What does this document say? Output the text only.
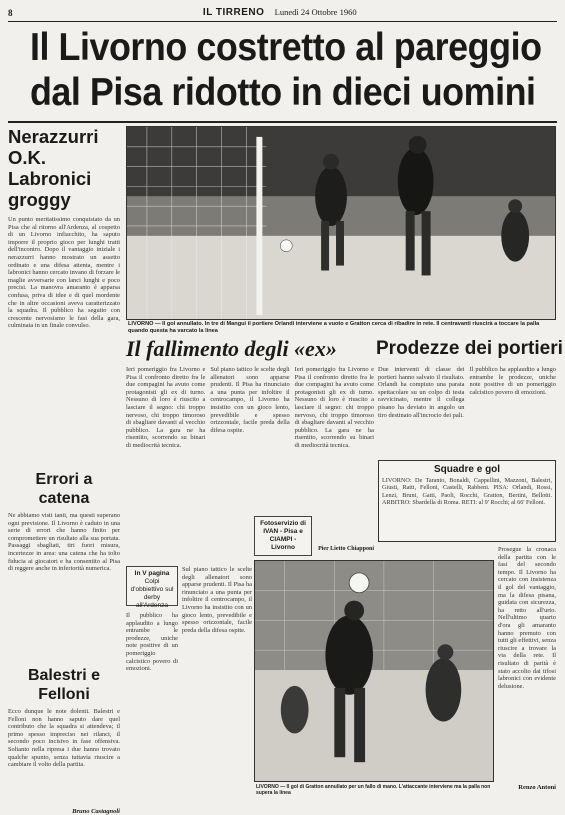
8	IL TIRRENO Lunedì 24 Ottobre 1960
Il Livorno costretto al pareggio
dal Pisa ridotto in dieci uomini
Nerazzurri O.K. Labronici groggy
Un punto meritatissimo conquistato da un Pisa che al ritorno all'Ardenza, al cospetto di un Livorno infiacchito, ha saputo imporre il proprio gioco per lunghi tratti dell'incontro. Dopo il vantaggio iniziale i nerazzurri hanno mostrato un assetto ordinato e una difesa attenta, mentre i labronici hanno cercato invano di forzare le maglie avversarie con lanci lunghi e poco precisi. La manovra amaranto è apparsa confusa, priva di idee e di quel mordente che in altre occasioni aveva caratterizzato la squadra. Il pubblico ha seguito con crescente nervosismo le fasi della gara, culminata in un finale convulso.
Errori a catena
Ne abbiamo visti tanti, ma questi superano ogni previsione. Il Livorno è caduto in una serie di errori che hanno finito per compromettere un risultato alla sua portata. Passaggi sbagliati, tiri fuori misura, incertezze in area: una catena che ha tolto fiducia ai giocatori e ha consentito al Pisa di reggere anche in inferiorità numerica.
Balestri e Felloni
Ecco dunque le note dolenti. Balestri e Felloni non hanno saputo dare quel contributo che la squadra si attendeva; il primo spesso impreciso nei rilanci, il secondo poco incisivo in fase offensiva. Soltanto nella ripresa i due hanno trovato qualche spunto, senza tuttavia riuscire a cambiare il volto della partita.
Bruno Castagnoli
LIVORNO — Il gol annullato. In tre di Mangui il portiere Orlandi interviene a vuoto e Gratton cerca di ribadire in rete. Il centravanti riuscirà a toccare la palla quando questa ha varcato la linea
Il fallimento degli «ex» Prodezze dei portieri
Ieri pomeriggio fra Livorno e Pisa il confronto diretto fra le due compagini ha avuto come protagonisti gli ex di turno. Nessuno di loro è riuscito a lasciare il segno: chi troppo nervoso, chi troppo timoroso di sbagliare davanti al vecchio pubblico. La gara ne ha risentito, scorrendo su binari di mediocrità tecnica.
Sul piano tattico le scelte degli allenatori sono apparse prudenti. Il Pisa ha rinunciato a una punta per infoltire il centrocampo, il Livorno ha insistito con un gioco lento, prevedibile e spesso orizzontale, facile preda della difesa ospite.
Ieri pomeriggio fra Livorno e Pisa il confronto diretto fra le due compagini ha avuto come protagonisti gli ex di turno. Nessuno di loro è riuscito a lasciare il segno: chi troppo nervoso, chi troppo timoroso di sbagliare davanti al vecchio pubblico. La gara ne ha risentito, scorrendo su binari di mediocrità tecnica.
Due interventi di classe dei portieri hanno salvato il risultato. Orlandi ha compiuto una parata spettacolare su un colpo di testa ravvicinato, mentre il collega pisano ha deviato in angolo un tiro destinato all'incrocio dei pali.
Il pubblico ha applaudito a lungo entrambe le prodezze, uniche note positive di un pomeriggio calcistico povero di emozioni.
Squadre e gol
LIVORNO: De Taranto, Bonaldi, Cappellini, Mazzoni, Balestri, Giusti, Ratti, Felloni, Castelli, Rabbeni. PISA: Orlandi, Rossi, Lenzi, Bruni, Gatti, Paoli, Rocchi, Gratton, Bertini, Bellotti. ARBITRO: Sbardella di Roma. RETI: al 9' Rocchi; al 66' Felloni.
Fotoservizio di IVAN - Pisa e CIAMPI - Livorno
In V pagina
Colpi d'obbiettivo sul derby all'Ardenza
Pier Lietto Chiapponi
Sul piano tattico le scelte degli allenatori sono apparse prudenti. Il Pisa ha rinunciato a una punta per infoltire il centrocampo, il Livorno ha insistito con un gioco lento, prevedibile e spesso orizzontale, facile preda della difesa ospite.
Il pubblico ha applaudito a lungo entrambe le prodezze, uniche note positive di un pomeriggio calcistico povero di emozioni.
LIVORNO — Il gol di Gratton annullato per un fallo di mano. L'attaccante interviene ma la palla non supera la linea
Prosegue la cronaca della partita con le fasi del secondo tempo. Il Livorno ha cercato con insistenza il gol del vantaggio, ma la difesa pisana, guidata con sicurezza, ha retto all'urto. Nell'ultimo quarto d'ora gli amaranto hanno premuto con tutti gli effettivi, senza riuscire a trovare la via della rete. Il risultato di parità è stato accolto dai tifosi labronici con evidente delusione.
Renzo Antoni
